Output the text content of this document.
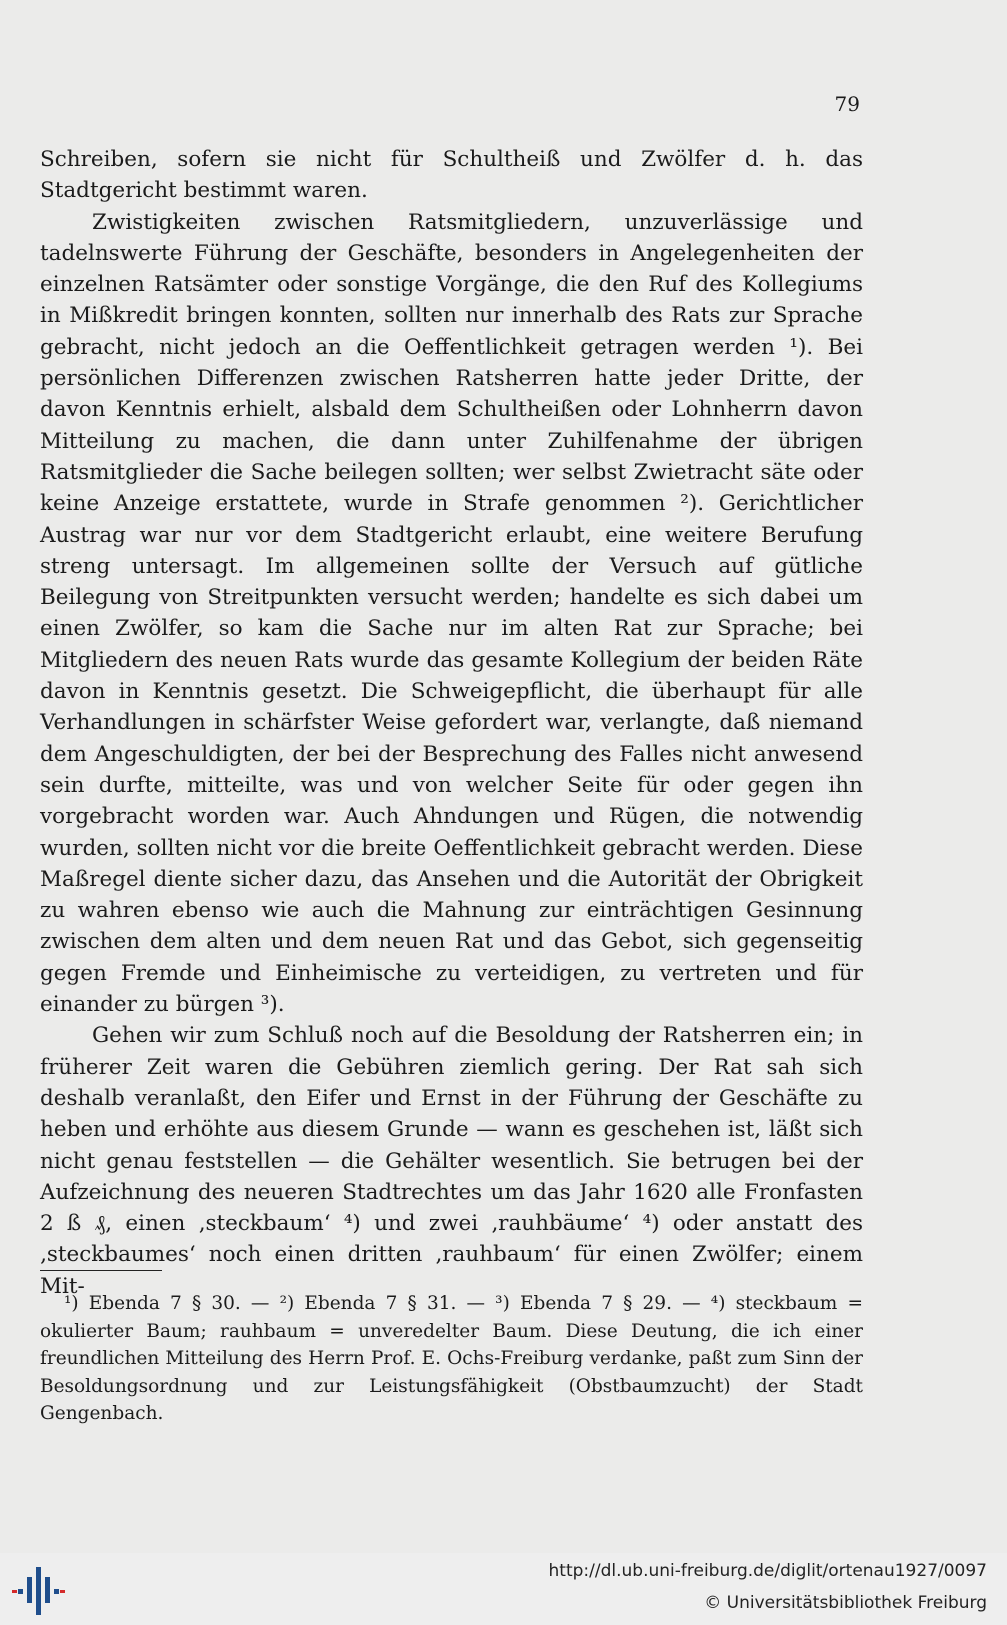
79

Schreiben, sofern sie nicht für Schultheiß und Zwölfer d. h. das Stadtgericht bestimmt waren.

Zwistigkeiten zwischen Ratsmitgliedern, unzuverlässige und tadelnswerte Führung der Geschäfte, besonders in Angelegenheiten der einzelnen Ratsämter oder sonstige Vorgänge, die den Ruf des Kollegiums in Mißkredit bringen konnten, sollten nur innerhalb des Rats zur Sprache gebracht, nicht jedoch an die Oeffentlichkeit getragen werden ¹). Bei persönlichen Differenzen zwischen Ratsherren hatte jeder Dritte, der davon Kenntnis erhielt, alsbald dem Schultheißen oder Lohnherrn davon Mitteilung zu machen, die dann unter Zuhilfenahme der übrigen Ratsmitglieder die Sache beilegen sollten; wer selbst Zwietracht säte oder keine Anzeige erstattete, wurde in Strafe genommen ²). Gerichtlicher Austrag war nur vor dem Stadtgericht erlaubt, eine weitere Berufung streng untersagt. Im allgemeinen sollte der Versuch auf gütliche Beilegung von Streitpunkten versucht werden; handelte es sich dabei um einen Zwölfer, so kam die Sache nur im alten Rat zur Sprache; bei Mitgliedern des neuen Rats wurde das gesamte Kollegium der beiden Räte davon in Kenntnis gesetzt. Die Schweigepflicht, die überhaupt für alle Verhandlungen in schärfster Weise gefordert war, verlangte, daß niemand dem Angeschuldigten, der bei der Besprechung des Falles nicht anwesend sein durfte, mitteilte, was und von welcher Seite für oder gegen ihn vorgebracht worden war. Auch Ahndungen und Rügen, die notwendig wurden, sollten nicht vor die breite Oeffentlichkeit gebracht werden. Diese Maßregel diente sicher dazu, das Ansehen und die Autorität der Obrigkeit zu wahren ebenso wie auch die Mahnung zur einträchtigen Gesinnung zwischen dem alten und dem neuen Rat und das Gebot, sich gegenseitig gegen Fremde und Einheimische zu verteidigen, zu vertreten und für einander zu bürgen ³).

Gehen wir zum Schluß noch auf die Besoldung der Ratsherren ein; in früherer Zeit waren die Gebühren ziemlich gering. Der Rat sah sich deshalb veranlaßt, den Eifer und Ernst in der Führung der Geschäfte zu heben und erhöhte aus diesem Grunde — wann es geschehen ist, läßt sich nicht genau feststellen — die Gehälter wesentlich. Sie betrugen bei der Aufzeichnung des neueren Stadtrechtes um das Jahr 1620 alle Fronfasten 2 ß ₰, einen ‚steckbaum‘ ⁴) und zwei ‚rauhbäume‘ ⁴) oder anstatt des ‚steckbaumes‘ noch einen dritten ‚rauhbaum‘ für einen Zwölfer; einem Mit-

¹) Ebenda 7 § 30. — ²) Ebenda 7 § 31. — ³) Ebenda 7 § 29. — ⁴) steckbaum = okulierter Baum; rauhbaum = unveredelter Baum. Diese Deutung, die ich einer freundlichen Mitteilung des Herrn Prof. E. Ochs-Freiburg verdanke, paßt zum Sinn der Besoldungsordnung und zur Leistungsfähigkeit (Obstbaumzucht) der Stadt Gengenbach.

http://dl.ub.uni-freiburg.de/diglit/ortenau1927/0097
© Universitätsbibliothek Freiburg
